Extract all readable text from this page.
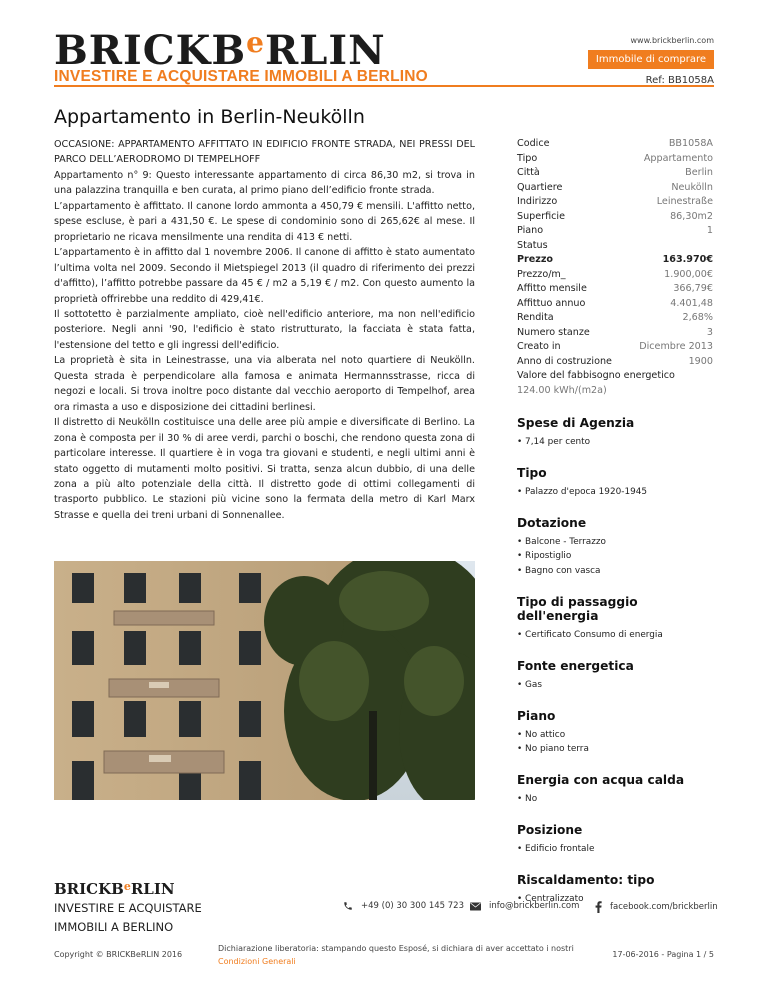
BRICKB$^e$RLIN
INVESTIRE E ACQUISTARE IMMOBILI A BERLINO
www.brickberlin.com
Immobile di comprare
Ref: BB1058A
Appartamento in Berlin-Neukölln

OCCASIONE: APPARTAMENTO AFFITTATO IN EDIFICIO FRONTE STRADA, NEI PRESSI DEL PARCO DELL’AERODROMO DI TEMPELHOFF

Appartamento n° 9: Questo interessante appartamento di circa 86,30 m2, si trova in una palazzina tranquilla e ben curata, al primo piano dell’edificio fronte strada.

L’appartamento è affittato. Il canone lordo ammonta a 450,79 € mensili. L'affitto netto, spese escluse, è pari a 431,50 €. Le spese di condominio sono di 265,62€ al mese. Il proprietario ne ricava mensilmente una rendita di 413 € netti.

L’appartamento è in affitto dal 1 novembre 2006. Il canone di affitto è stato aumentato l’ultima volta nel 2009. Secondo il Mietspiegel 2013 (il quadro di riferimento dei prezzi d'affitto), l’affitto potrebbe passare da 45 € / m2 a 5,19 € / m2. Con questo aumento la proprietà offrirebbe una reddito di 429,41€.

Il sottotetto è parzialmente ampliato, cioè nell'edificio anteriore, ma non nell'edificio posteriore. Negli anni '90, l'edificio è stato ristrutturato, la facciata è stata fatta, l'estensione del tetto e gli ingressi dell'edificio.

La proprietà è sita in Leinestrasse, una via alberata nel noto quartiere di Neukölln. Questa strada è perpendicolare alla famosa e animata Hermannsstrasse, ricca di negozi e locali. Si trova inoltre poco distante dal vecchio aeroporto di Tempelhof, area ora rimasta a uso e disposizione dei cittadini berlinesi.

Il distretto di Neukölln costituisce una delle aree più ampie e diversificate di Berlino. La zona è composta per il 30 % di aree verdi, parchi o boschi, che rendono questa zona di particolare interesse. Il quartiere è in voga tra giovani e studenti, e negli ultimi anni è stato oggetto di mutamenti molto positivi. Si tratta, senza alcun dubbio, di una delle zona a più alto potenziale della città. Il distretto gode di ottimi collegamenti di trasporto pubblico. Le stazioni più vicine sono la fermata della metro di Karl Marx Strasse e quella dei treni urbani di Sonnenallee.

Codice	BB1058A
Tipo	Appartamento
Città	Berlin
Quartiere	Neukölln
Indirizzo	Leinestraße
Superficie	86,30m2
Piano	1
Status
Prezzo	163.970€
Prezzo/m_	1.900,00€
Affitto mensile	366,79€
Affittuo annuo	4.401,48
Rendita	2,68%
Numero stanze	3
Creato in	Dicembre 2013
Anno di costruzione	1900
Valore del fabbisogno energetico
124.00 kWh/(m2a)
Spese di Agenzia
• 7,14 per cento
Tipo
• Palazzo d'epoca 1920-1945
Dotazione
• Balcone - Terrazzo
• Ripostiglio
• Bagno con vasca
Tipo di passaggio dell'energia
• Certificato Consumo di energia
Fonte energetica
• Gas
Piano
• No attico
• No piano terra
Energia con acqua calda
• No
Posizione
• Edificio frontale
Riscaldamento: tipo
• Centralizzato
BRICKB$^e$RLIN
INVESTIRE E ACQUISTARE IMMOBILI A BERLINO
+49 (0) 30 300 145 723	info@brickberlin.com	facebook.com/brickberlin
Copyright © BRICKBeRLIN 2016
Dichiarazione liberatoria: stampando questo Esposé, si dichiara di aver accettato i nostri Condizioni Generali
17-06-2016 - Pagina 1 / 5
